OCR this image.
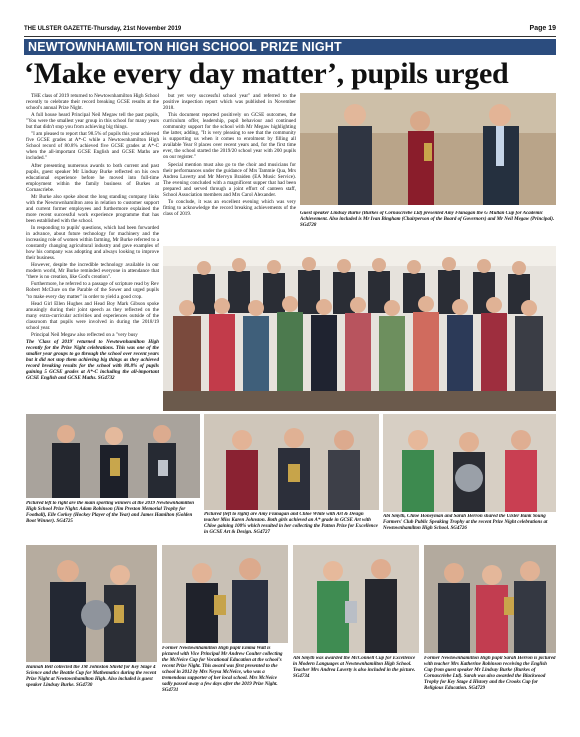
THE ULSTER GAZETTE-Thursday, 21st November 2019	Page 19
NEWTOWNHAMILTON HIGH SCHOOL PRIZE NIGHT
‘Make every day matter’, pupils urged

THE class of 2019 returned to Newtownhamilton High School recently to celebrate their record breaking GCSE results at the school's annual Prize Night.

A full house heard Principal Neil Megaw tell the past pupils, "You were the smallest year group in this school for many years but that didn't stop you from achieving big things.

"I am pleased to report that 98.5% of pupils this year achieved five GCSE grades at A*-C while a Newtownhamilton High School record of 80.8% achieved five GCSE grades at A*-C when the all-important GCSE English and GCSE Maths are included."

After presenting numerous awards to both current and past pupils, guest speaker Mr Lindsay Burke reflected on his own educational experience before he moved into full-time employment within the family business of Burkes at Cornascriebe.

Mr Burke also spoke about the long standing company links with the Newtownhamilton area in relation to customer support and current former employees and furthermore explained the more recent successful work experience programme that has been established with the school.

In responding to pupils' questions, which had been forwarded in advance, about future technology for machinery and the increasing role of women within farming, Mr Burke referred to a constantly changing agricultural industry and gave examples of how his company was adopting and always looking to improve their business.

However, despite the incredible technology available in our modern world, Mr Burke reminded everyone in attendance that "there is no creation, like God's creation".

Furthermore, he referred to a passage of scripture read by Rev Robert McClure on the Parable of the Sower and urged pupils "to make every day matter" in order to yield a good crop.

Head Girl Ellen Hughes and Head Boy Mark Gibson spoke amusingly during their joint speech as they reflected on the many extra-curricular activities and experiences outside of the classroom that pupils were involved in during the 2018/19 school year.

Principal Neil Megaw also reflected on a "very busy

The 'Class of 2019' returned to Newtownhamilton High recently for the Prize Night celebrations. This was one of the smaller year groups to go through the school over recent years but it did not stop them achieving big things as they achieved record breaking results for the school with 80.8% of pupils gaining 5 GCSE grades at A*-C including the all-important GCSE English and GCSE Maths. SG4732

but yet very successful school year" and referred to the positive inspection report which was published in November 2018.

This document reported positively on GCSE outcomes, the curriculum offer, leadership, pupil behaviour and continued community support for the school with Mr Megaw highlighting the latter, adding, "It is very pleasing to see that the community is supporting us when it comes to enrolment by filling all available Year 8 places over recent years and, for the first time ever, the school started the 2019/20 school year with 200 pupils on our register."

Special mention must also go to the choir and musicians for their performances under the guidance of Mrs Tammie Qua, Mrs Andrea Laverty and Mr Mervyn Braiden (EA Music Service). The evening concluded with a magnificent supper that had been prepared and served through a joint effort of canteen staff, School Association members and Mrs Carol Alexander.

To conclude, it was an excellent evening which was very fitting to acknowledge the record breaking achievements of the class of 2019.	Guest speaker Lindsay Burke (Burkes of Cornascriebe Ltd) presented Amy Flanagan the G Mullan Cup for Academic Achievement. Also included is Mr Ivan Bingham (Chairperson of the Board of Governors) and Mr Neil Megaw (Principal). SG4728
Pictured left to right are the main sporting winners at the 2019 Newtownhamilton High School Prize Night: Adam Robinson (Jim Preston Memorial Trophy for Football), Elle Corkey (Hockey Player of the Year) and James Hamilton (Golden Boot Winner). SG4725
Pictured (left to right) are Amy Flanagan and Chloe White with Art & Design teacher Miss Karen Johnston. Both girls achieved an A* grade in GCSE Art with Chloe gaining 100% which resulted in her collecting the Patton Prize for Excellence in GCSE Art & Design. SG4727
Abi Smyth, Chloe Honeyman and Sarah Herron shared the Ulster Bank Young Farmers' Club Public Speaking Trophy at the recent Prize Night celebrations at Newtownhamilton High School. SG4726
Hannah Bell collected the JM Johnston Shield for Key Stage 4 Science and the Beattie Cup for Mathematics during the recent Prize Night at Newtownhamilton High. Also included is guest speaker Lindsay Burke. SG4730
Former Newtownhamilton High pupil Emma Watt is pictured with Vice Principal Mr Andrew Coulter collecting the McNeice Cup for Vocational Education at the school's recent Prize Night. This award was first presented to the school in 2012 by Mrs Neysa McNeice, who was a tremendous supporter of her local school. Mrs McNeice sadly passed away a few days after the 2019 Prize Night. SG4731
Abi Smyth was awarded the McConnell Cup for Excellence in Modern Languages at Newtownhamilton High School. Teacher Mrs Andrea Laverty is also included in the picture. SG4734
Former Newtownhamilton High pupil Sarah Herron is pictured with teacher Mrs Katherine Robinson receiving the English Cup from guest speaker Mr Lindsay Burke (Burkes of Cornascriebe Ltd). Sarah was also awarded the Blackwood Trophy for Key Stage 4 History and the Crooks Cup for Religious Education. SG4729
